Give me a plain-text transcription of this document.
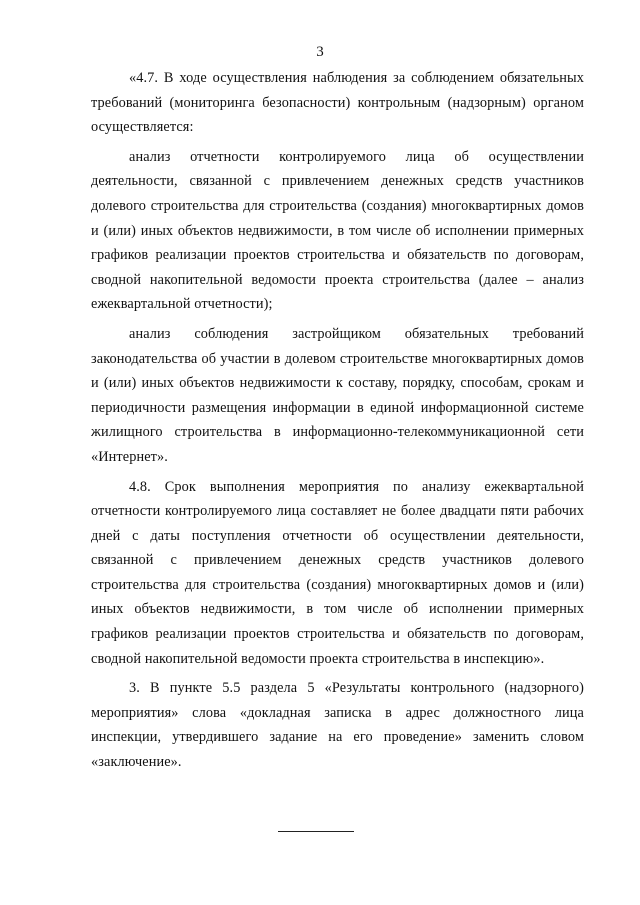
3

«4.7. В ходе осуществления наблюдения за соблюдением обязательных требований (мониторинга безопасности) контрольным (надзорным) органом осуществляется:

анализ отчетности контролируемого лица об осуществлении деятельности, связанной с привлечением денежных средств участников долевого строительства для строительства (создания) многоквартирных домов и (или) иных объектов недвижимости, в том числе об исполнении примерных графиков реализации проектов строительства и обязательств по договорам, сводной накопительной ведомости проекта строительства (далее – анализ ежеквартальной отчетности);

анализ соблюдения застройщиком обязательных требований законодательства об участии в долевом строительстве многоквартирных домов и (или) иных объектов недвижимости к составу, порядку, способам, срокам и периодичности размещения информации в единой информационной системе жилищного строительства в информационно-телекоммуникационной сети «Интернет».

4.8. Срок выполнения мероприятия по анализу ежеквартальной отчетности контролируемого лица составляет не более двадцати пяти рабочих дней с даты поступления отчетности об осуществлении деятельности, связанной с привлечением денежных средств участников долевого строительства для строительства (создания) многоквартирных домов и (или) иных объектов недвижимости, в том числе об исполнении примерных графиков реализации проектов строительства и обязательств по договорам, сводной накопительной ведомости проекта строительства в инспекцию».

3. В пункте 5.5 раздела 5 «Результаты контрольного (надзорного) мероприятия» слова «докладная записка в адрес должностного лица инспекции, утвердившего задание на его проведение» заменить словом «заключение».
